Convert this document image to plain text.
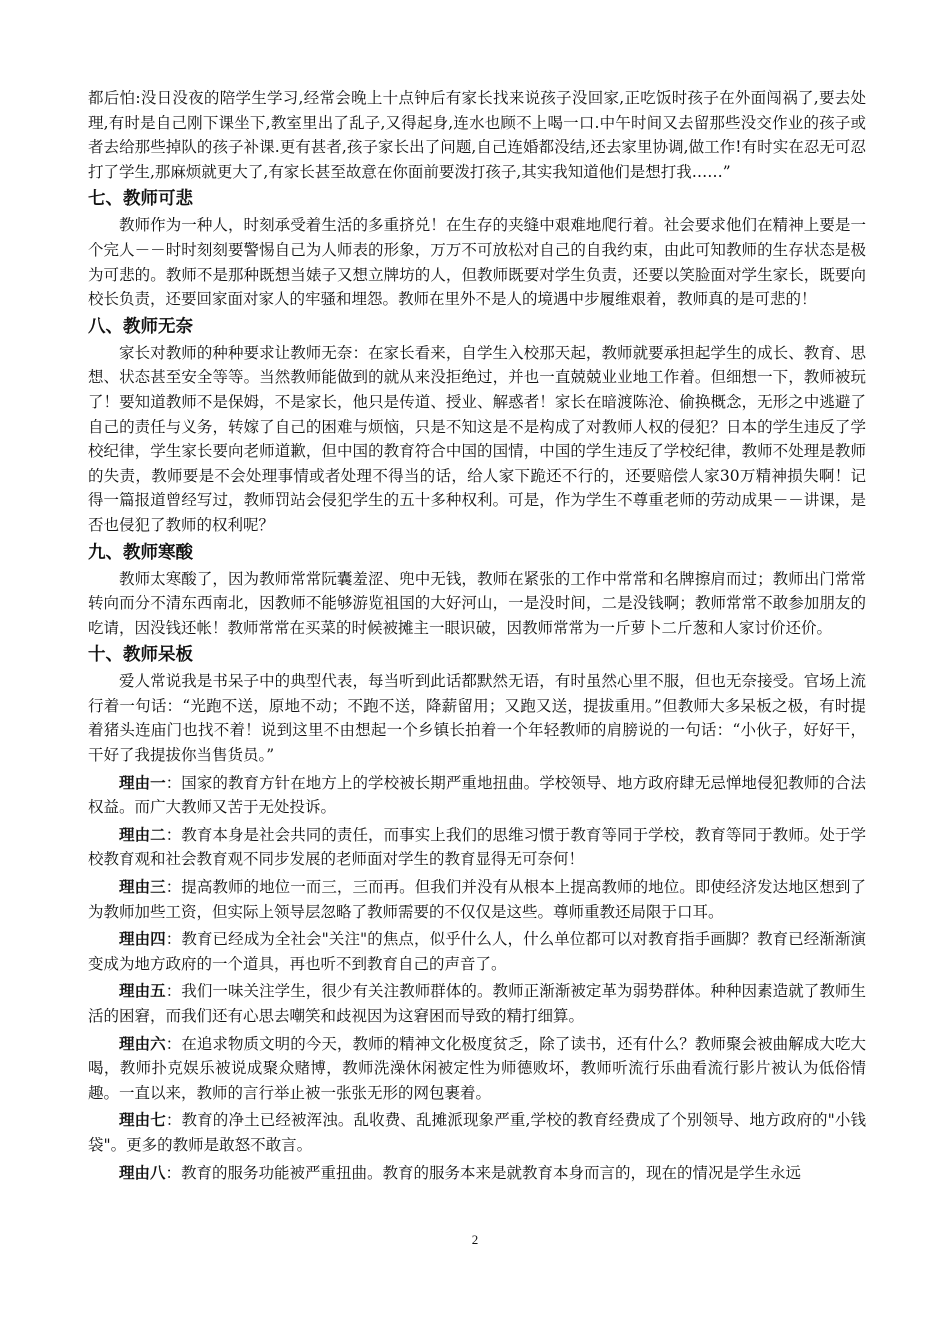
都后怕:没日没夜的陪学生学习,经常会晚上十点钟后有家长找来说孩子没回家,正吃饭时孩子在外面闯祸了,要去处理,有时是自己刚下课坐下,教室里出了乱子,又得起身,连水也顾不上喝一口.中午时间又去留那些没交作业的孩子或者去给那些掉队的孩子补课.更有甚者,孩子家长出了问题,自己连婚都没结,还去家里协调,做工作!有时实在忍无可忍打了学生,那麻烦就更大了,有家长甚至故意在你面前要泼打孩子,其实我知道他们是想打我……”

七、教师可悲

教师作为一种人，时刻承受着生活的多重挤兑！在生存的夹缝中艰难地爬行着。社会要求他们在精神上要是一个完人－－时时刻刻要警惕自己为人师表的形象，万万不可放松对自己的自我约束，由此可知教师的生存状态是极为可悲的。教师不是那种既想当婊子又想立牌坊的人，但教师既要对学生负责，还要以笑脸面对学生家长，既要向校长负责，还要回家面对家人的牢骚和埋怨。教师在里外不是人的境遇中步履维艰着，教师真的是可悲的！

八、教师无奈

家长对教师的种种要求让教师无奈：在家长看来，自学生入校那天起，教师就要承担起学生的成长、教育、思想、状态甚至安全等等。当然教师能做到的就从来没拒绝过，并也一直兢兢业业地工作着。但细想一下，教师被玩了！要知道教师不是保姆，不是家长，他只是传道、授业、解惑者！家长在暗渡陈沧、偷换概念，无形之中逃避了自己的责任与义务，转嫁了自己的困难与烦恼，只是不知这是不是构成了对教师人权的侵犯？日本的学生违反了学校纪律，学生家长要向老师道歉，但中国的教育符合中国的国情，中国的学生违反了学校纪律，教师不处理是教师的失责，教师要是不会处理事情或者处理不得当的话，给人家下跪还不行的，还要赔偿人家30万精神损失啊！记得一篇报道曾经写过，教师罚站会侵犯学生的五十多种权利。可是，作为学生不尊重老师的劳动成果－－讲课，是否也侵犯了教师的权利呢？

九、教师寒酸

教师太寒酸了，因为教师常常阮囊羞涩、兜中无钱，教师在紧张的工作中常常和名牌擦肩而过；教师出门常常转向而分不清东西南北，因教师不能够游览祖国的大好河山，一是没时间，二是没钱啊；教师常常不敢参加朋友的吃请，因没钱还帐！教师常常在买菜的时候被摊主一眼识破，因教师常常为一斤萝卜二斤葱和人家讨价还价。

十、教师呆板

爱人常说我是书呆子中的典型代表，每当听到此话都默然无语，有时虽然心里不服，但也无奈接受。官场上流行着一句话：“光跑不送，原地不动；不跑不送，降薪留用；又跑又送，提拔重用。”但教师大多呆板之极，有时提着猪头连庙门也找不着！说到这里不由想起一个乡镇长拍着一个年轻教师的肩膀说的一句话：“小伙子，好好干，干好了我提拔你当售货员。”

理由一：国家的教育方针在地方上的学校被长期严重地扭曲。学校领导、地方政府肆无忌惮地侵犯教师的合法权益。而广大教师又苦于无处投诉。

理由二：教育本身是社会共同的责任，而事实上我们的思维习惯于教育等同于学校，教育等同于教师。处于学校教育观和社会教育观不同步发展的老师面对学生的教育显得无可奈何！

理由三：提高教师的地位一而三，三而再。但我们并没有从根本上提高教师的地位。即使经济发达地区想到了为教师加些工资，但实际上领导层忽略了教师需要的不仅仅是这些。尊师重教还局限于口耳。

理由四：教育已经成为全社会"关注"的焦点，似乎什么人，什么单位都可以对教育指手画脚？教育已经渐渐演变成为地方政府的一个道具，再也听不到教育自己的声音了。

理由五：我们一味关注学生，很少有关注教师群体的。教师正渐渐被定革为弱势群体。种种因素造就了教师生活的困窘，而我们还有心思去嘲笑和歧视因为这窘困而导致的精打细算。

理由六：在追求物质文明的今天，教师的精神文化极度贫乏，除了读书，还有什么？教师聚会被曲解成大吃大喝，教师扑克娱乐被说成聚众赌博，教师洗澡休闲被定性为师德败坏，教师听流行乐曲看流行影片被认为低俗情趣。一直以来，教师的言行举止被一张张无形的网包裹着。

理由七：教育的净土已经被浑浊。乱收费、乱摊派现象严重,学校的教育经费成了个别领导、地方政府的"小钱袋"。更多的教师是敢怒不敢言。

理由八：教育的服务功能被严重扭曲。教育的服务本来是就教育本身而言的，现在的情况是学生永远

2
